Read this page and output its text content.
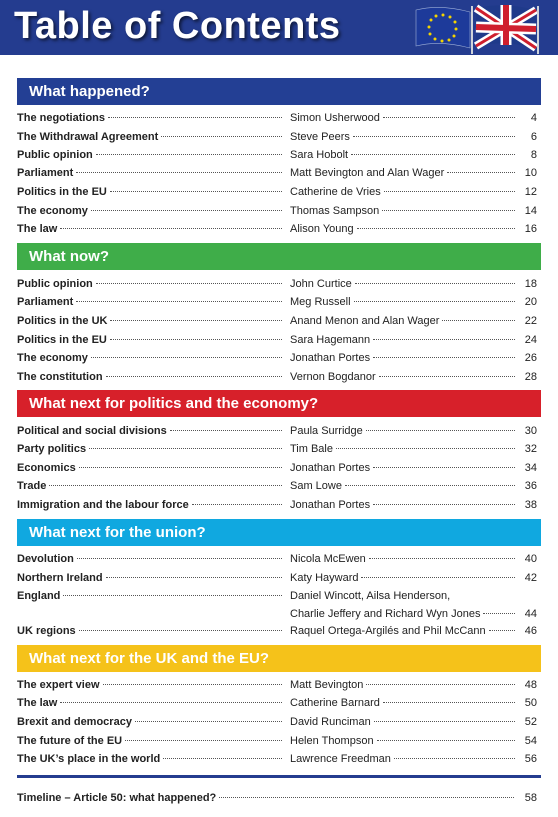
Table of Contents
What happened?
The negotiations	Simon Usherwood	4
The Withdrawal Agreement	Steve Peers	6
Public opinion	Sara Hobolt	8
Parliament	Matt Bevington and Alan Wager	10
Politics in the EU	Catherine de Vries	12
The economy	Thomas Sampson	14
The law	Alison Young	16
What now?
Public opinion	John Curtice	18
Parliament	Meg Russell	20
Politics in the UK	Anand Menon and Alan Wager	22
Politics in the EU	Sara Hagemann	24
The economy	Jonathan Portes	26
The constitution	Vernon Bogdanor	28
What next for politics and the economy?
Political and social divisions	Paula Surridge	30
Party politics	Tim Bale	32
Economics	Jonathan Portes	34
Trade	Sam Lowe	36
Immigration and the labour force	Jonathan Portes	38
What next for the union?
Devolution	Nicola McEwen	40
Northern Ireland	Katy Hayward	42
England	Daniel Wincott, Ailsa Henderson,
Charlie Jeffery and Richard Wyn Jones	44
UK regions	Raquel Ortega-Argilés and Phil McCann	46
What next for the UK and the EU?
The expert view	Matt Bevington	48
The law	Catherine Barnard	50
Brexit and democracy	David Runciman	52
The future of the EU	Helen Thompson	54
The UK’s place in the world	Lawrence Freedman	56
Timeline – Article 50: what happened?	58
